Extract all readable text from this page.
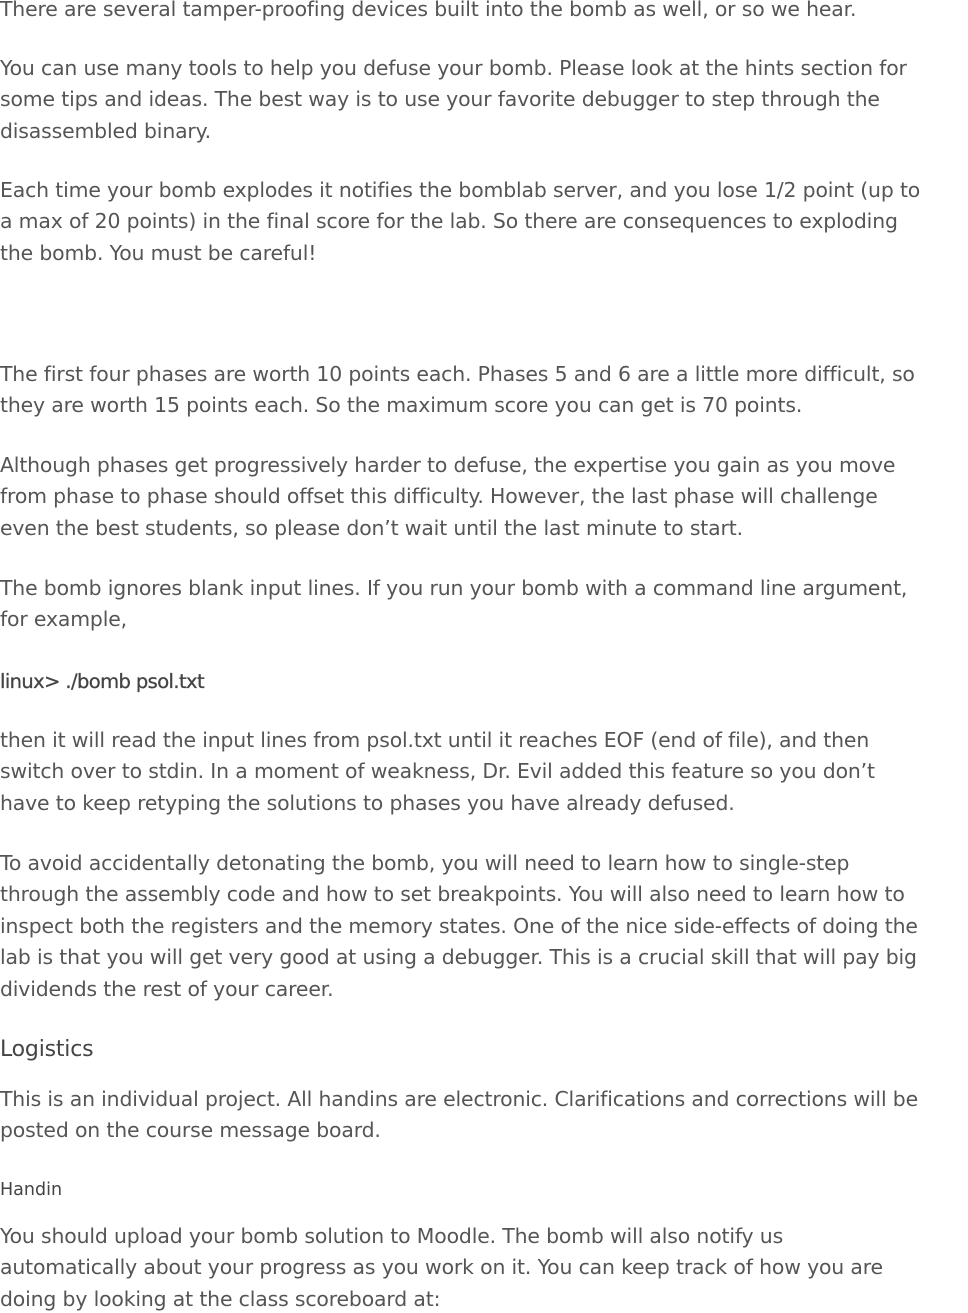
There are several tamper-proofing devices built into the bomb as well, or so we hear.

You can use many tools to help you defuse your bomb. Please look at the hints section for
some tips and ideas. The best way is to use your favorite debugger to step through the
disassembled binary.

Each time your bomb explodes it notifies the bomblab server, and you lose 1/2 point (up to
a max of 20 points) in the final score for the lab. So there are consequences to exploding
the bomb. You must be careful!

The first four phases are worth 10 points each. Phases 5 and 6 are a little more difficult, so
they are worth 15 points each. So the maximum score you can get is 70 points.

Although phases get progressively harder to defuse, the expertise you gain as you move
from phase to phase should offset this difficulty. However, the last phase will challenge
even the best students, so please don’t wait until the last minute to start.

The bomb ignores blank input lines. If you run your bomb with a command line argument,
for example,

linux> ./bomb psol.txt

then it will read the input lines from psol.txt until it reaches EOF (end of file), and then
switch over to stdin. In a moment of weakness, Dr. Evil added this feature so you don’t
have to keep retyping the solutions to phases you have already defused.

To avoid accidentally detonating the bomb, you will need to learn how to single-step
through the assembly code and how to set breakpoints. You will also need to learn how to
inspect both the registers and the memory states. One of the nice side-effects of doing the
lab is that you will get very good at using a debugger. This is a crucial skill that will pay big
dividends the rest of your career.

Logistics

This is an individual project. All handins are electronic. Clarifications and corrections will be
posted on the course message board.

Handin

You should upload your bomb solution to Moodle. The bomb will also notify us
automatically about your progress as you work on it. You can keep track of how you are
doing by looking at the class scoreboard at:
